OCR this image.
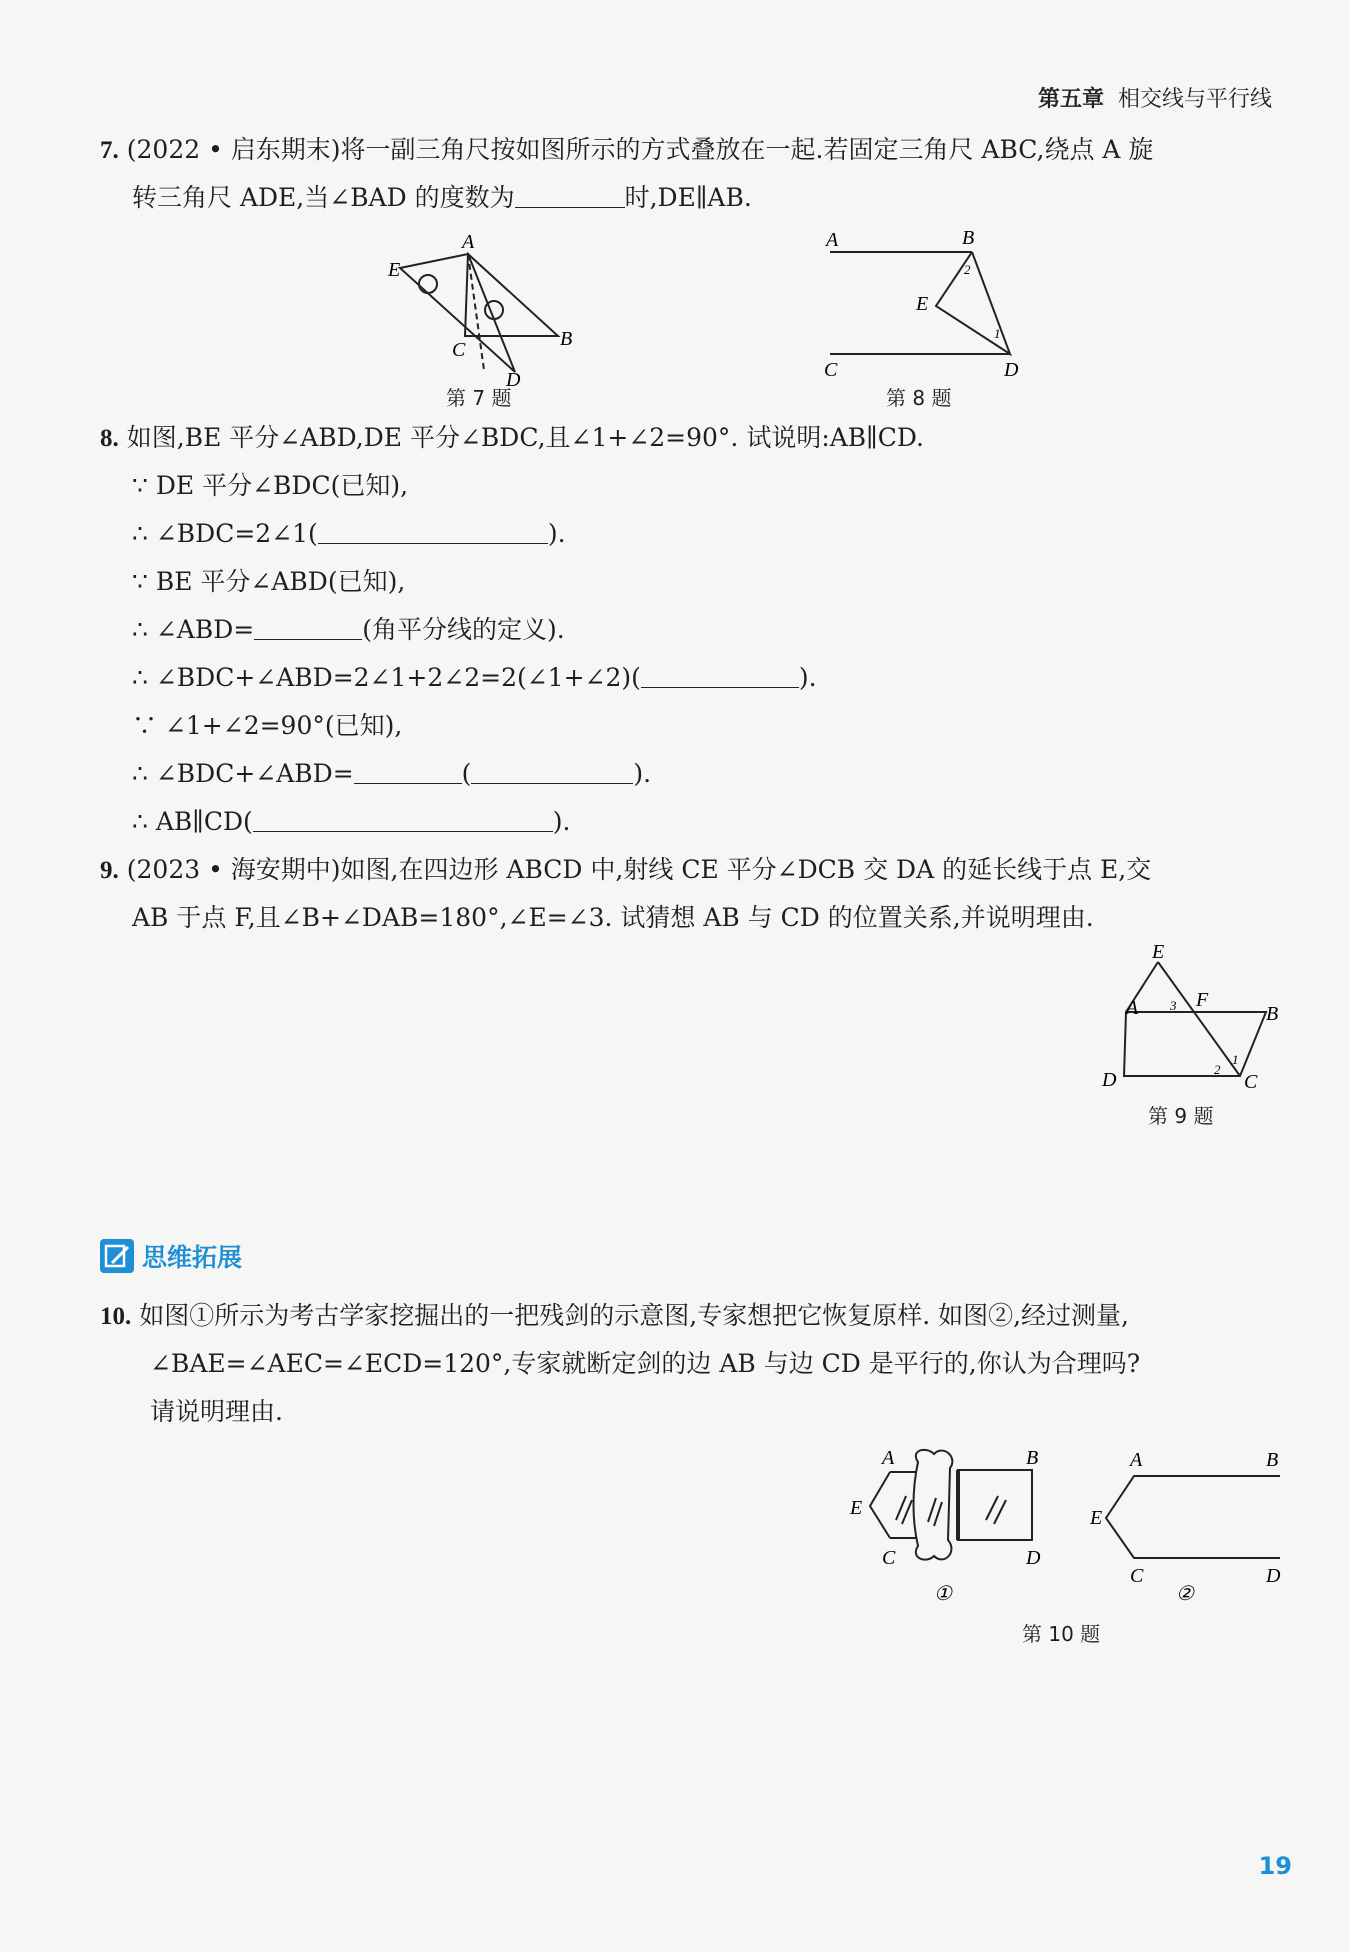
第五章 相交线与平行线
7. (2022 • 启东期末)将一副三角尺按如图所示的方式叠放在一起.若固定三角尺 ABC,绕点 A 旋
转三角尺 ADE,当∠BAD 的度数为	时,DE∥AB.
A
E
B
C
D
第 7 题
A	B
E
C	D
2
1
第 8 题
8. 如图,BE 平分∠ABD,DE 平分∠BDC,且∠1+∠2=90°. 试说明:AB∥CD.
∵ DE 平分∠BDC(已知),
∴ ∠BDC=2∠1(	).
∵ BE 平分∠ABD(已知),
∴ ∠ABD=	(角平分线的定义).
∴ ∠BDC+∠ABD=2∠1+2∠2=2(∠1+∠2)(	).
∵ ∠1+∠2=90°(已知),
∴ ∠BDC+∠ABD=	(	).
∴ AB∥CD(	).
9. (2023 • 海安期中)如图,在四边形 ABCD 中,射线 CE 平分∠DCB 交 DA 的延长线于点 E,交
AB 于点 F,且∠B+∠DAB=180°,∠E=∠3. 试猜想 AB 与 CD 的位置关系,并说明理由.
E
A	F
B
D	C
3
2
1
第 9 题
思维拓展
10. 如图①所示为考古学家挖掘出的一把残剑的示意图,专家想把它恢复原样. 如图②,经过测量,
∠BAE=∠AEC=∠ECD=120°,专家就断定剑的边 AB 与边 CD 是平行的,你认为合理吗?
请说明理由.
A	B
E
C	D
①
A	B
E
C	D
②
第 10 题
19
